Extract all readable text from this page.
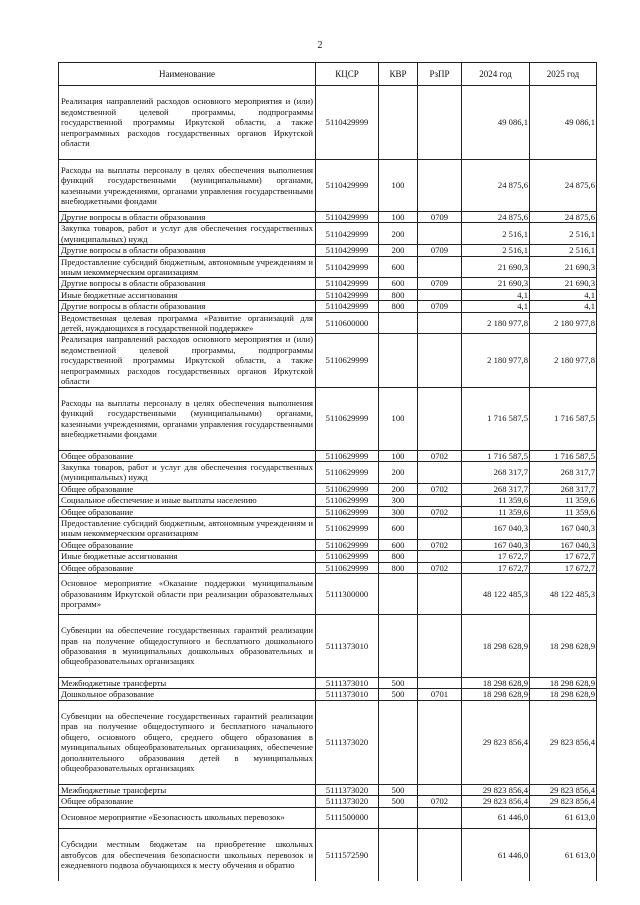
2
Наименование	КЦСР	КВР	РзПР	2024 год	2025 год
Реализация направлений расходов основного мероприятия и (или) ведомственной целевой программы, подпрограммы государственной программы Иркутской области, а также непрограммных расходов государственных органов Иркутской области	5110429999			49 086,1	49 086,1
Расходы на выплаты персоналу в целях обеспечения выполнения функций государственными (муниципальными) органами, казенными учреждениями, органами управления государственными внебюджетными фондами	5110429999	100		24 875,6	24 875,6
Другие вопросы в области образования	5110429999	100	0709	24 875,6	24 875,6
Закупка товаров, работ и услуг для обеспечения государственных (муниципальных) нужд	5110429999	200		2 516,1	2 516,1
Другие вопросы в области образования	5110429999	200	0709	2 516,1	2 516,1
Предоставление субсидий бюджетным, автономным учреждениям и иным некоммерческим организациям	5110429999	600		21 690,3	21 690,3
Другие вопросы в области образования	5110429999	600	0709	21 690,3	21 690,3
Иные бюджетные ассигнования	5110429999	800		4,1	4,1
Другие вопросы в области образования	5110429999	800	0709	4,1	4,1
Ведомственная целевая программа «Развитие организаций для детей, нуждающихся в государственной поддержке»	5110600000			2 180 977,8	2 180 977,8
Реализация направлений расходов основного мероприятия и (или) ведомственной целевой программы, подпрограммы государственной программы Иркутской области, а также непрограммных расходов государственных органов Иркутской области	5110629999			2 180 977,8	2 180 977,8
Расходы на выплаты персоналу в целях обеспечения выполнения функций государственными (муниципальными) органами, казенными учреждениями, органами управления государственными внебюджетными фондами	5110629999	100		1 716 587,5	1 716 587,5
Общее образование	5110629999	100	0702	1 716 587,5	1 716 587,5
Закупка товаров, работ и услуг для обеспечения государственных (муниципальных) нужд	5110629999	200		268 317,7	268 317,7
Общее образование	5110629999	200	0702	268 317,7	268 317,7
Социальное обеспечение и иные выплаты населению	5110629999	300		11 359,6	11 359,6
Общее образование	5110629999	300	0702	11 359,6	11 359,6
Предоставление субсидий бюджетным, автономным учреждениям и иным некоммерческим организациям	5110629999	600		167 040,3	167 040,3
Общее образование	5110629999	600	0702	167 040,3	167 040,3
Иные бюджетные ассигнования	5110629999	800		17 672,7	17 672,7
Общее образование	5110629999	800	0702	17 672,7	17 672,7
Основное мероприятие «Оказание поддержки муниципальным образованиям Иркутской области при реализации образовательных программ»	5111300000			48 122 485,3	48 122 485,3
Субвенции на обеспечение государственных гарантий реализации прав на получение общедоступного и бесплатного дошкольного образования в муниципальных дошкольных образовательных и общеобразовательных организациях	5111373010			18 298 628,9	18 298 628,9
Межбюджетные трансферты	5111373010	500		18 298 628,9	18 298 628,9
Дошкольное образование	5111373010	500	0701	18 298 628,9	18 298 628,9
Субвенции на обеспечение государственных гарантий реализации прав на получение общедоступного и бесплатного начального общего, основного общего, среднего общего образования в муниципальных общеобразовательных организациях, обеспечение дополнительного образования детей в муниципальных общеобразовательных организациях	5111373020			29 823 856,4	29 823 856,4
Межбюджетные трансферты	5111373020	500		29 823 856,4	29 823 856,4
Общее образование	5111373020	500	0702	29 823 856,4	29 823 856,4
Основное мероприятие «Безопасность школьных перевозок»	5111500000			61 446,0	61 613,0
Субсидии местным бюджетам на приобретение школьных автобусов для обеспечения безопасности школьных перевозок и ежедневного подвоза обучающихся к месту обучения и обратно	5111572590			61 446,0	61 613,0
